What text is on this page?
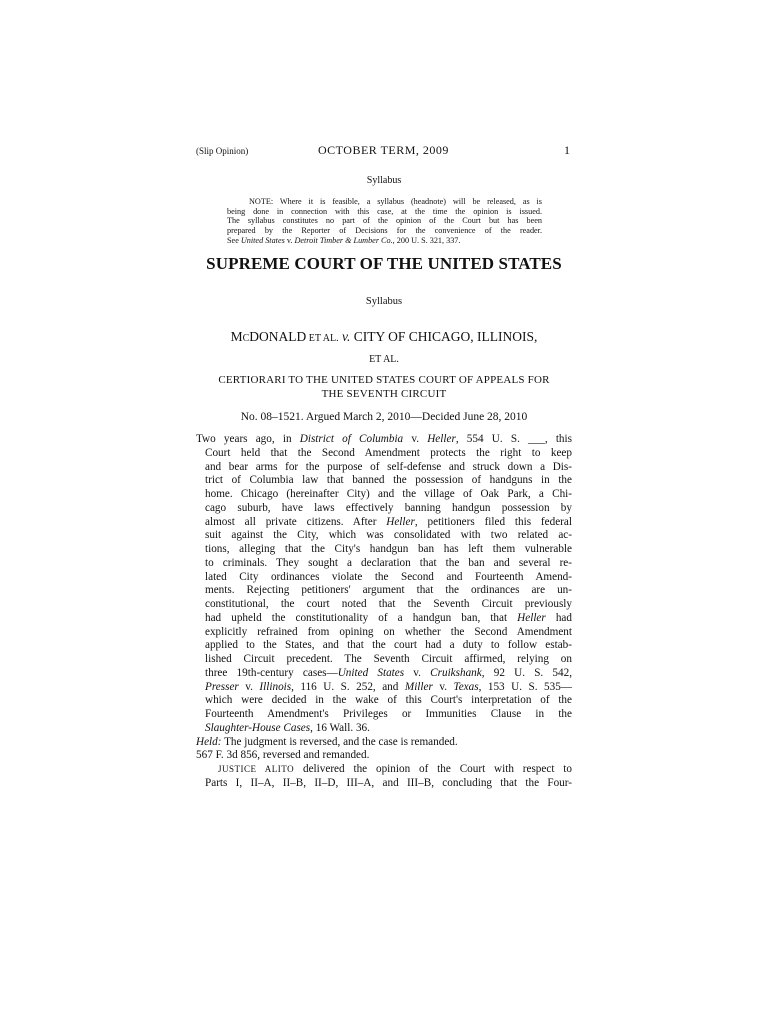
(Slip Opinion)	OCTOBER TERM, 2009	1
Syllabus
NOTE: Where it is feasible, a syllabus (headnote) will be released, as is
being done in connection with this case, at the time the opinion is issued.
The syllabus constitutes no part of the opinion of the Court but has been
prepared by the Reporter of Decisions for the convenience of the reader.
See United States v. Detroit Timber & Lumber Co., 200 U. S. 321, 337.
SUPREME COURT OF THE UNITED STATES
Syllabus
MCDONALD ET AL. v. CITY OF CHICAGO, ILLINOIS,
ET AL.
CERTIORARI TO THE UNITED STATES COURT OF APPEALS FOR
THE SEVENTH CIRCUIT
No. 08–1521. Argued March 2, 2010—Decided June 28, 2010
Two years ago, in District of Columbia v. Heller, 554 U. S. ___, this
Court held that the Second Amendment protects the right to keep
and bear arms for the purpose of self-defense and struck down a Dis-
trict of Columbia law that banned the possession of handguns in the
home. Chicago (hereinafter City) and the village of Oak Park, a Chi-
cago suburb, have laws effectively banning handgun possession by
almost all private citizens. After Heller, petitioners filed this federal
suit against the City, which was consolidated with two related ac-
tions, alleging that the City's handgun ban has left them vulnerable
to criminals. They sought a declaration that the ban and several re-
lated City ordinances violate the Second and Fourteenth Amend-
ments. Rejecting petitioners' argument that the ordinances are un-
constitutional, the court noted that the Seventh Circuit previously
had upheld the constitutionality of a handgun ban, that Heller had
explicitly refrained from opining on whether the Second Amendment
applied to the States, and that the court had a duty to follow estab-
lished Circuit precedent. The Seventh Circuit affirmed, relying on
three 19th-century cases—United States v. Cruikshank, 92 U. S. 542,
Presser v. Illinois, 116 U. S. 252, and Miller v. Texas, 153 U. S. 535—
which were decided in the wake of this Court's interpretation of the
Fourteenth Amendment's Privileges or Immunities Clause in the
Slaughter-House Cases, 16 Wall. 36.
Held: The judgment is reversed, and the case is remanded.
567 F. 3d 856, reversed and remanded.
JUSTICE ALITO delivered the opinion of the Court with respect to
Parts I, II–A, II–B, II–D, III–A, and III–B, concluding that the Four-
